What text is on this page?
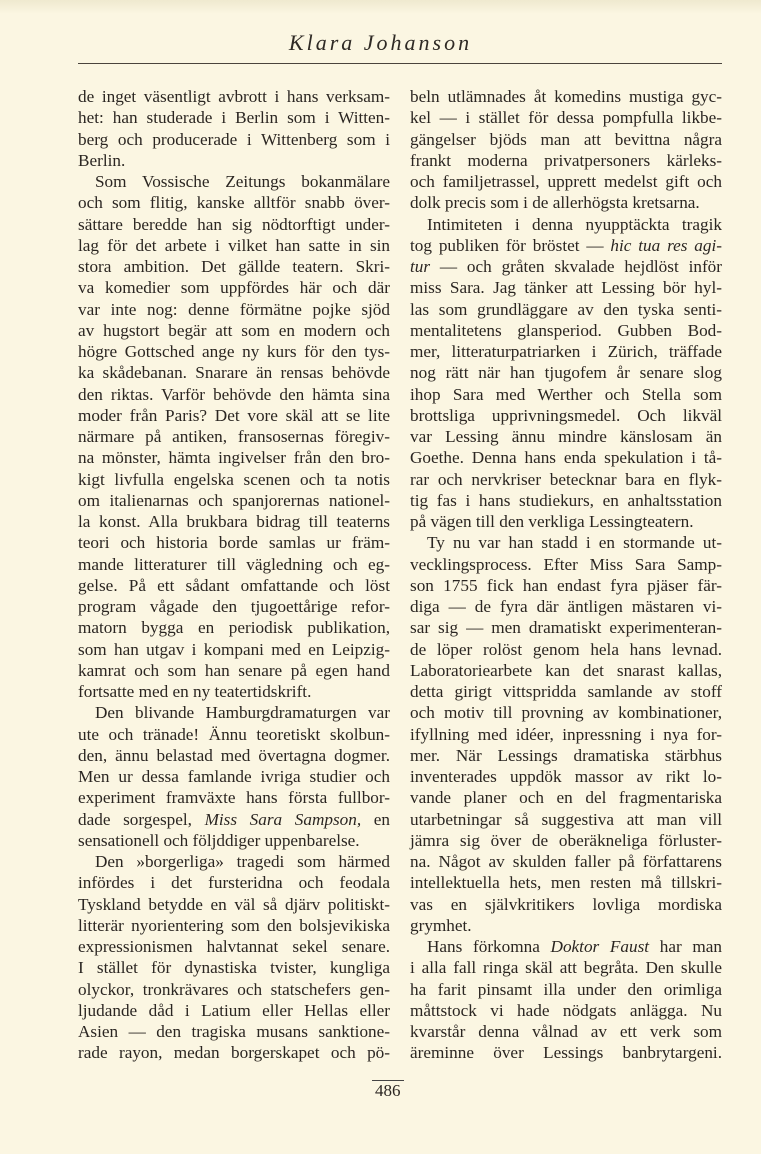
Klara Johanson
de inget väsentligt avbrott i hans verksam-
het: han studerade i Berlin som i Witten-
berg och producerade i Wittenberg som i
Berlin.
Som Vossische Zeitungs bokanmälare
och som flitig, kanske alltför snabb över-
sättare beredde han sig nödtorftigt under-
lag för det arbete i vilket han satte in sin
stora ambition. Det gällde teatern. Skri-
va komedier som uppfördes här och där
var inte nog: denne förmätne pojke sjöd
av hugstort begär att som en modern och
högre Gottsched ange ny kurs för den tys-
ka skådebanan. Snarare än rensas behövde
den riktas. Varför behövde den hämta sina
moder från Paris? Det vore skäl att se lite
närmare på antiken, fransosernas föregiv-
na mönster, hämta ingivelser från den bro-
kigt livfulla engelska scenen och ta notis
om italienarnas och spanjorernas nationel-
la konst. Alla brukbara bidrag till teaterns
teori och historia borde samlas ur främ-
mande litteraturer till vägledning och eg-
gelse. På ett sådant omfattande och löst
program vågade den tjugoettårige refor-
matorn bygga en periodisk publikation,
som han utgav i kompani med en Leipzig-
kamrat och som han senare på egen hand
fortsatte med en ny teatertidskrift.
Den blivande Hamburgdramaturgen var
ute och tränade! Ännu teoretiskt skolbun-
den, ännu belastad med övertagna dogmer.
Men ur dessa famlande ivriga studier och
experiment framväxte hans första fullbor-
dade sorgespel, Miss Sara Sampson, en
sensationell och följddiger uppenbarelse.
Den »borgerliga» tragedi som härmed
infördes i det fursteridna och feodala
Tyskland betydde en väl så djärv politiskt-
litterär nyorientering som den bolsjevikiska
expressionismen halvtannat sekel senare.
I stället för dynastiska tvister, kungliga
olyckor, tronkrävares och statschefers gen-
ljudande dåd i Latium eller Hellas eller
Asien — den tragiska musans sanktione-
rade rayon, medan borgerskapet och pö-
beln utlämnades åt komedins mustiga gyc-
kel — i stället för dessa pompfulla likbe-
gängelser bjöds man att bevittna några
frankt moderna privatpersoners kärleks-
och familjetrassel, upprett medelst gift och
dolk precis som i de allerhögsta kretsarna.
Intimiteten i denna nyupptäckta tragik
tog publiken för bröstet — hic tua res agi-
tur — och gråten skvalade hejdlöst inför
miss Sara. Jag tänker att Lessing bör hyl-
las som grundläggare av den tyska senti-
mentalitetens glansperiod. Gubben Bod-
mer, litteraturpatriarken i Zürich, träffade
nog rätt när han tjugofem år senare slog
ihop Sara med Werther och Stella som
brottsliga upprivningsmedel. Och likväl
var Lessing ännu mindre känslosam än
Goethe. Denna hans enda spekulation i tå-
rar och nervkriser betecknar bara en flyk-
tig fas i hans studiekurs, en anhaltsstation
på vägen till den verkliga Lessingteatern.
Ty nu var han stadd i en stormande ut-
vecklingsprocess. Efter Miss Sara Samp-
son 1755 fick han endast fyra pjäser fär-
diga — de fyra där äntligen mästaren vi-
sar sig — men dramatiskt experimenteran-
de löper rolöst genom hela hans levnad.
Laboratoriearbete kan det snarast kallas,
detta girigt vittspridda samlande av stoff
och motiv till provning av kombinationer,
ifyllning med idéer, inpressning i nya for-
mer. När Lessings dramatiska stärbhus
inventerades uppdök massor av rikt lo-
vande planer och en del fragmentariska
utarbetningar så suggestiva att man vill
jämra sig över de oberäkneliga förluster-
na. Något av skulden faller på författarens
intellektuella hets, men resten må tillskri-
vas en självkritikers lovliga mordiska
grymhet.
Hans förkomna Doktor Faust har man
i alla fall ringa skäl att begråta. Den skulle
ha farit pinsamt illa under den orimliga
måttstock vi hade nödgats anlägga. Nu
kvarstår denna vålnad av ett verk som
äreminne över Lessings banbrytargeni.
486
